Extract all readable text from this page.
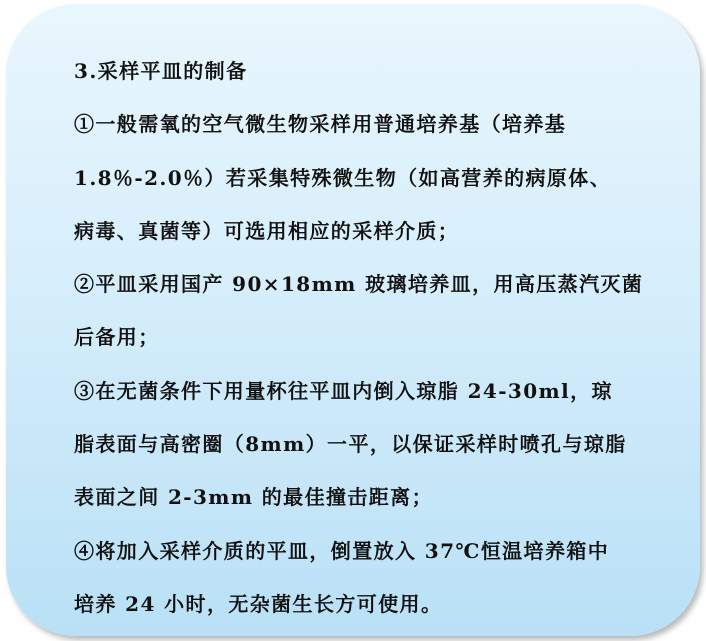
3.采样平皿的制备
①一般需氧的空气微生物采样用普通培养基（培养基
1.8％-2.0％）若采集特殊微生物（如高营养的病原体、
病毒、真菌等）可选用相应的采样介质；
②平皿采用国产 90×18mm 玻璃培养皿，用高压蒸汽灭菌
后备用；
③在无菌条件下用量杯往平皿内倒入琼脂 24-30ml，琼
脂表面与高密圈（8mm）一平，以保证采样时喷孔与琼脂
表面之间 2-3mm 的最佳撞击距离；
④将加入采样介质的平皿，倒置放入 37℃恒温培养箱中
培养 24 小时，无杂菌生长方可使用。
